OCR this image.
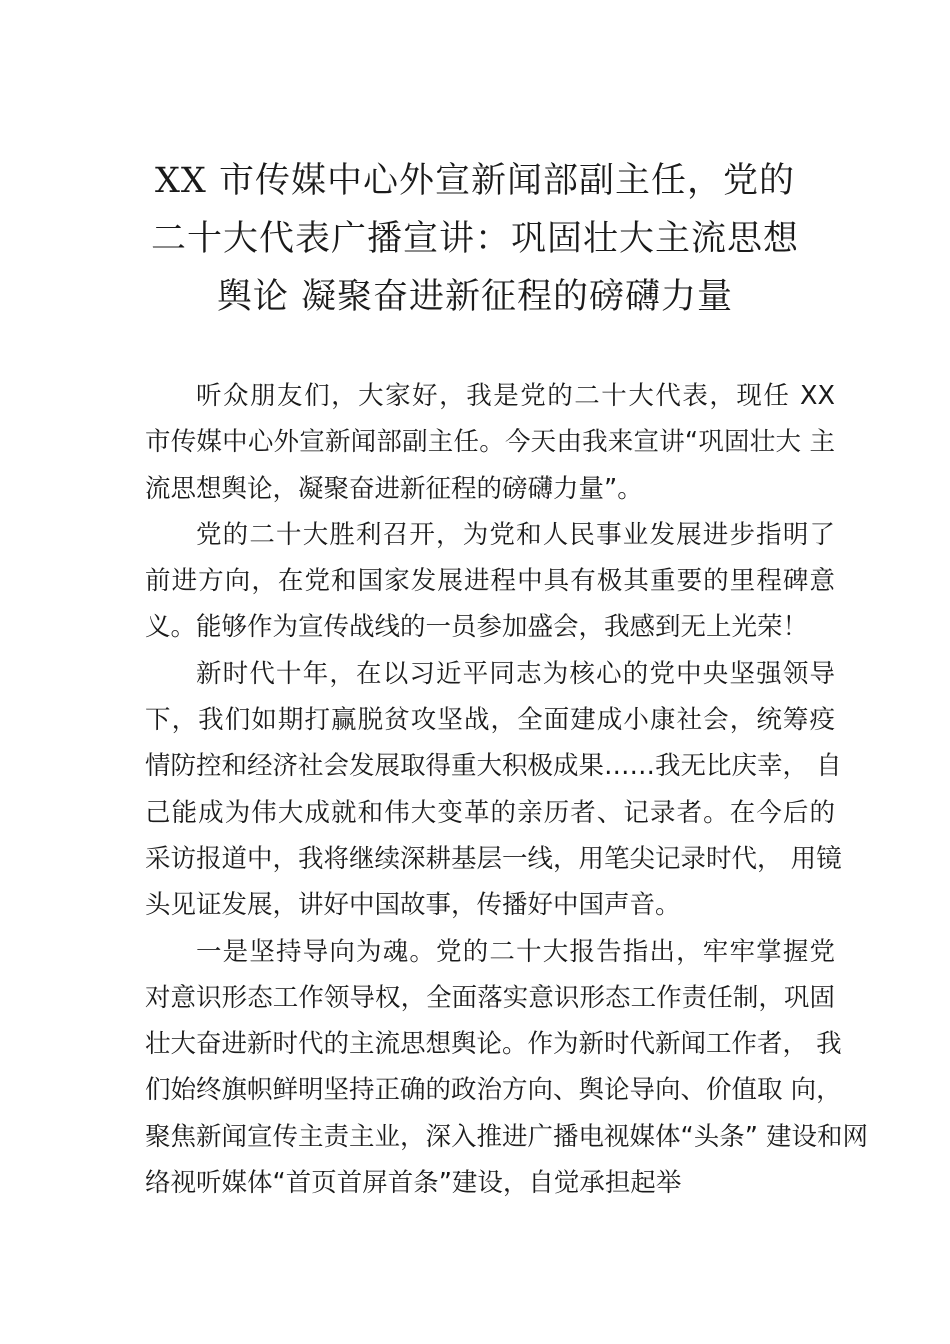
XX 市传媒中心外宣新闻部副主任，党的
二十大代表广播宣讲：巩固壮大主流思想
舆论 凝聚奋进新征程的磅礴力量
听众朋友们，大家好，我是党的二十大代表，现任 XX
市传媒中心外宣新闻部副主任。今天由我来宣讲“巩固壮大 主
流思想舆论，凝聚奋进新征程的磅礴力量”。
党的二十大胜利召开，为党和人民事业发展进步指明了
前进方向，在党和国家发展进程中具有极其重要的里程碑意
义。能够作为宣传战线的一员参加盛会，我感到无上光荣！
新时代十年，在以习近平同志为核心的党中央坚强领导
下，我们如期打赢脱贫攻坚战，全面建成小康社会，统筹疫
情防控和经济社会发展取得重大积极成果……我无比庆幸， 自
己能成为伟大成就和伟大变革的亲历者、记录者。在今后的
采访报道中，我将继续深耕基层一线，用笔尖记录时代， 用镜
头见证发展，讲好中国故事，传播好中国声音。
一是坚持导向为魂。党的二十大报告指出，牢牢掌握党
对意识形态工作领导权，全面落实意识形态工作责任制，巩固
壮大奋进新时代的主流思想舆论。作为新时代新闻工作者， 我
们始终旗帜鲜明坚持正确的政治方向、舆论导向、价值取 向，
聚焦新闻宣传主责主业，深入推进广播电视媒体“头条” 建设和网
络视听媒体“首页首屏首条”建设，自觉承担起举
